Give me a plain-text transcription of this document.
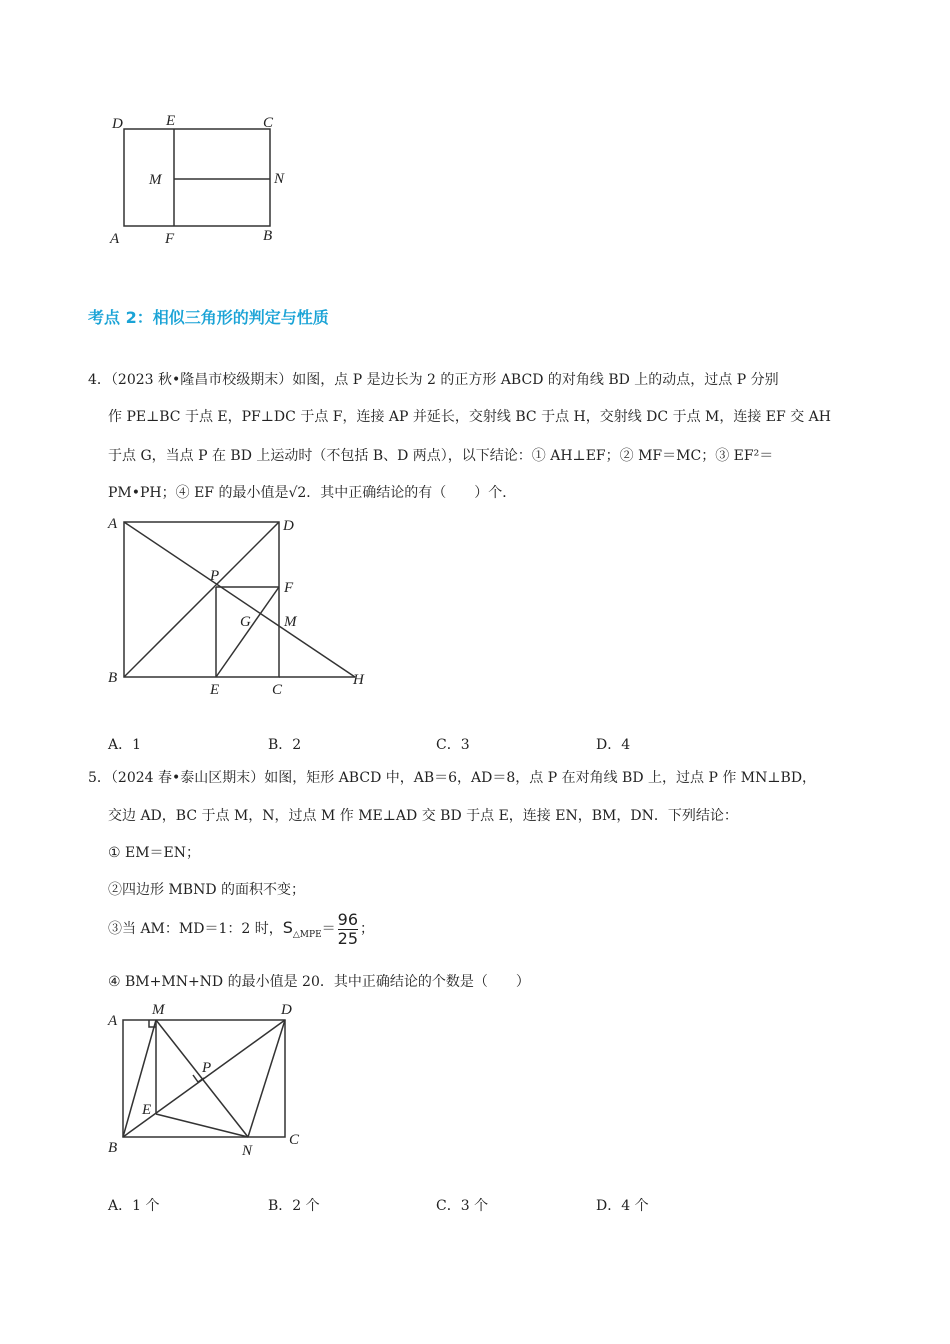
D	E	C
M	N
A	F	B
考点 2：相似三角形的判定与性质
4．（2023 秋•隆昌市校级期末）如图，点 P 是边长为 2 的正方形 ABCD 的对角线 BD 上的动点，过点 P 分别
作 PE⊥BC 于点 E，PF⊥DC 于点 F，连接 AP 并延长，交射线 BC 于点 H，交射线 DC 于点 M，连接 EF 交 AH
于点 G，当点 P 在 BD 上运动时（不包括 B、D 两点），以下结论：① AH⊥EF；② MF＝MC；③ EF²＝
PM•PH；④ EF 的最小值是√2．其中正确结论的有（　　）个．
A	D
P
F
G M
B
E	C
H
A．1	B．2	C．3	D．4
5．（2024 春•泰山区期末）如图，矩形 ABCD 中，AB＝6，AD＝8，点 P 在对角线 BD 上，过点 P 作 MN⊥BD，
交边 AD，BC 于点 M，N，过点 M 作 ME⊥AD 交 BD 于点 E，连接 EN，BM，DN．下列结论：
① EM＝EN；
②四边形 MBND 的面积不变；
③当 AM：MD＝1：2 时，$S_{\triangle MPE}= \frac{96}{25}$ ；
④ BM+MN+ND 的最小值是 20．其中正确结论的个数是（　　）
A
M	D
P
E
B	N
C
A．1 个	B．2 个	C．3 个	D．4 个
